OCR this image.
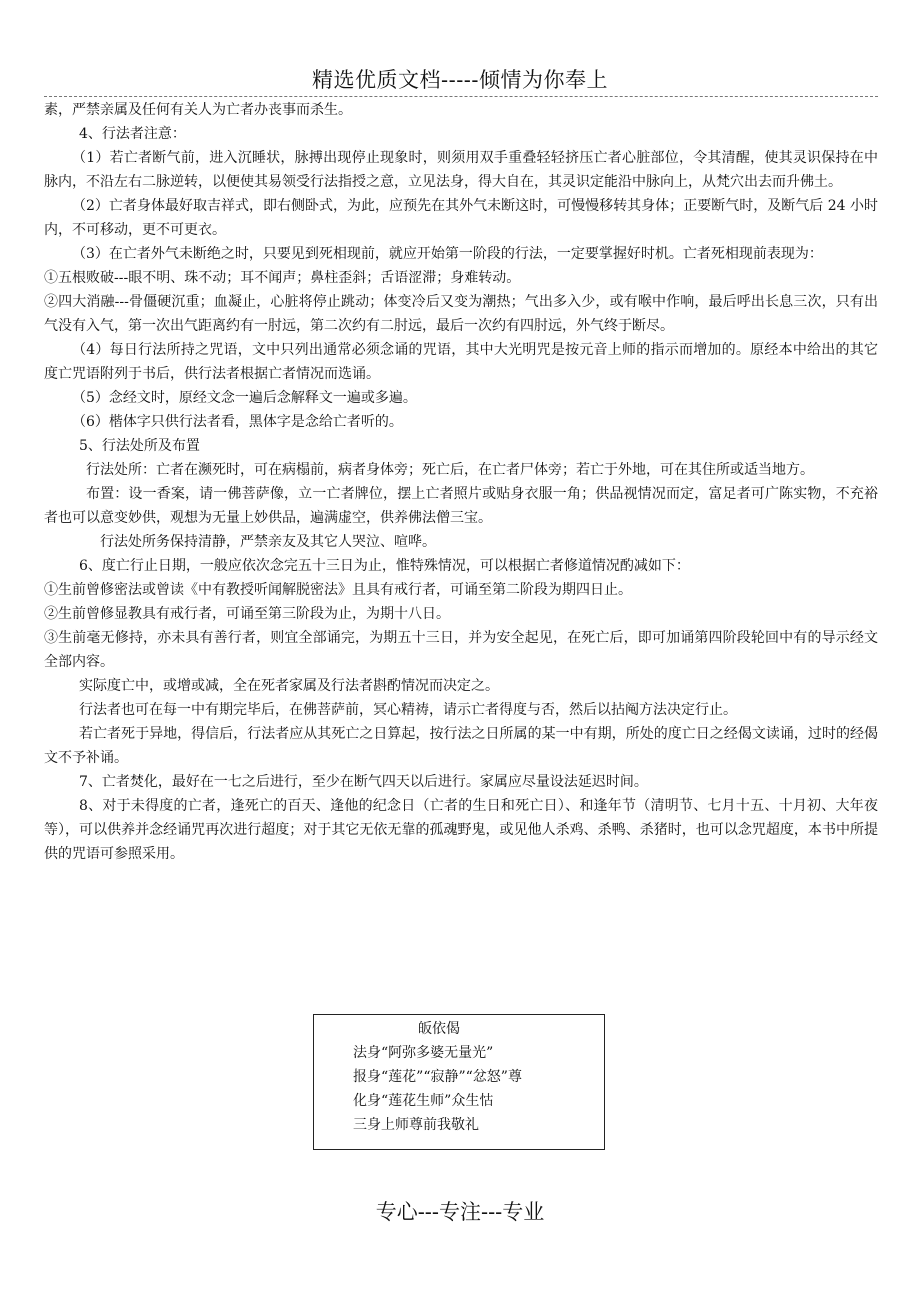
精选优质文档-----倾情为你奉上

素，严禁亲属及任何有关人为亡者办丧事而杀生。

4、行法者注意：

（1）若亡者断气前，进入沉睡状，脉搏出现停止现象时，则须用双手重叠轻轻挤压亡者心脏部位，令其清醒，使其灵识保持在中脉内，不沿左右二脉逆转，以便使其易领受行法指授之意，立见法身，得大自在，其灵识定能沿中脉向上，从梵穴出去而升佛土。

（2）亡者身体最好取吉祥式，即右侧卧式，为此，应预先在其外气未断这时，可慢慢移转其身体；正要断气时，及断气后 24 小时内，不可移动，更不可更衣。

（3）在亡者外气未断绝之时，只要见到死相现前，就应开始第一阶段的行法，一定要掌握好时机。亡者死相现前表现为：

①五根败破---眼不明、珠不动；耳不闻声；鼻柱歪斜；舌语涩滞；身难转动。

②四大消融---骨僵硬沉重；血凝止，心脏将停止跳动；体变冷后又变为潮热；气出多入少，或有喉中作响，最后呼出长息三次，只有出气没有入气，第一次出气距离约有一肘远，第二次约有二肘远，最后一次约有四肘远，外气终于断尽。

（4）每日行法所持之咒语，文中只列出通常必须念诵的咒语，其中大光明咒是按元音上师的指示而增加的。原经本中给出的其它度亡咒语附列于书后，供行法者根据亡者情况而选诵。

（5）念经文时，原经文念一遍后念解释文一遍或多遍。

（6）楷体字只供行法者看，黑体字是念给亡者听的。

5、行法处所及布置

行法处所：亡者在濒死时，可在病榻前，病者身体旁；死亡后，在亡者尸体旁；若亡于外地，可在其住所或适当地方。

布置：设一香案，请一佛菩萨像，立一亡者牌位，摆上亡者照片或贴身衣服一角；供品视情况而定，富足者可广陈实物，不充裕者也可以意变妙供，观想为无量上妙供品，遍满虚空，供养佛法僧三宝。

行法处所务保持清静，严禁亲友及其它人哭泣、喧哗。

6、度亡行止日期，一般应依次念完五十三日为止，惟特殊情况，可以根据亡者修道情况酌减如下：

①生前曾修密法或曾读《中有教授听闻解脱密法》且具有戒行者，可诵至第二阶段为期四日止。

②生前曾修显教具有戒行者，可诵至第三阶段为止，为期十八日。

③生前毫无修持，亦未具有善行者，则宜全部诵完，为期五十三日，并为安全起见，在死亡后，即可加诵第四阶段轮回中有的导示经文全部内容。

实际度亡中，或增或减，全在死者家属及行法者斟酌情况而决定之。

行法者也可在每一中有期完毕后，在佛菩萨前，冥心精祷，请示亡者得度与否，然后以拈阄方法决定行止。

若亡者死于异地，得信后，行法者应从其死亡之日算起，按行法之日所属的某一中有期，所处的度亡日之经偈文读诵，过时的经偈文不予补诵。

7、亡者焚化，最好在一七之后进行，至少在断气四天以后进行。家属应尽量设法延迟时间。

8、对于未得度的亡者，逢死亡的百天、逢他的纪念日（亡者的生日和死亡日）、和逢年节（清明节、七月十五、十月初、大年夜等），可以供养并念经诵咒再次进行超度；对于其它无依无靠的孤魂野鬼，或见他人杀鸡、杀鸭、杀猪时，也可以念咒超度，本书中所提供的咒语可参照采用。

皈依偈
法身“阿弥多婆无量光”
报身“莲花”“寂静”“忿怒”尊
化身“莲花生师”众生怙
三身上师尊前我敬礼
专心---专注---专业
